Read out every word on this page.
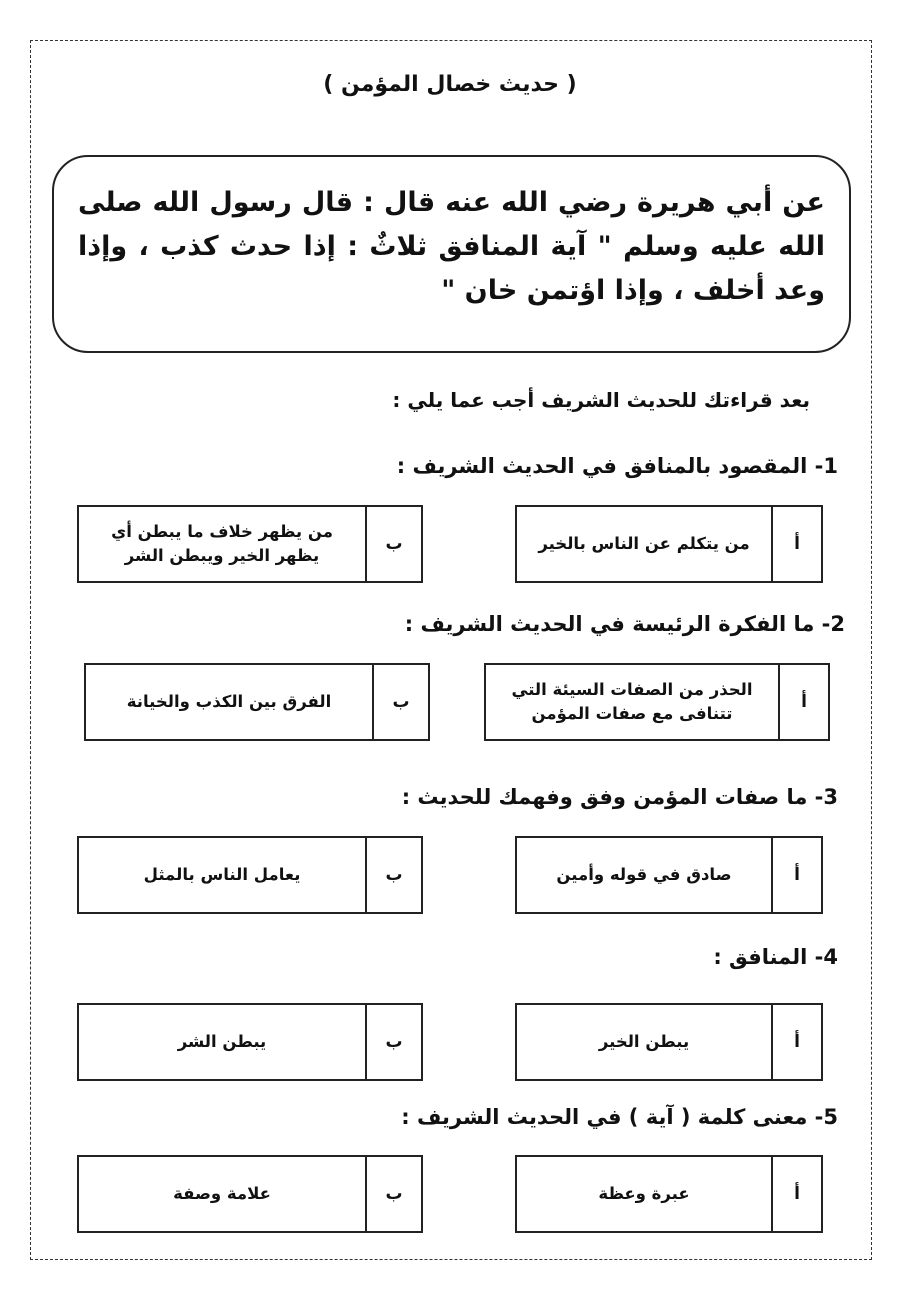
( حديث خصال المؤمن )
عن أبي هريرة رضي الله عنه قال : قال رسول الله صلى الله عليه وسلم " آية المنافق ثلاثٌ : إذا حدث كذب ، وإذا وعد أخلف ، وإذا اؤتمن خان "
بعد قراءتك للحديث الشريف أجب عما يلي :
1- المقصود بالمنافق في الحديث الشريف :
أ
من يتكلم عن الناس بالخير
ب
من يظهر خلاف ما يبطن أي يظهر الخير ويبطن الشر
2- ما الفكرة الرئيسة في الحديث الشريف :
أ
الحذر من الصفات السيئة التي تتنافى مع صفات المؤمن
ب
الفرق بين الكذب والخيانة
3- ما صفات المؤمن وفق وفهمك للحديث :
أ
صادق في قوله وأمين
ب
يعامل الناس بالمثل
4- المنافق :
أ
يبطن الخير
ب
يبطن الشر
5- معنى كلمة ( آية ) في الحديث الشريف :
أ
عبرة وعظة
ب
علامة وصفة
